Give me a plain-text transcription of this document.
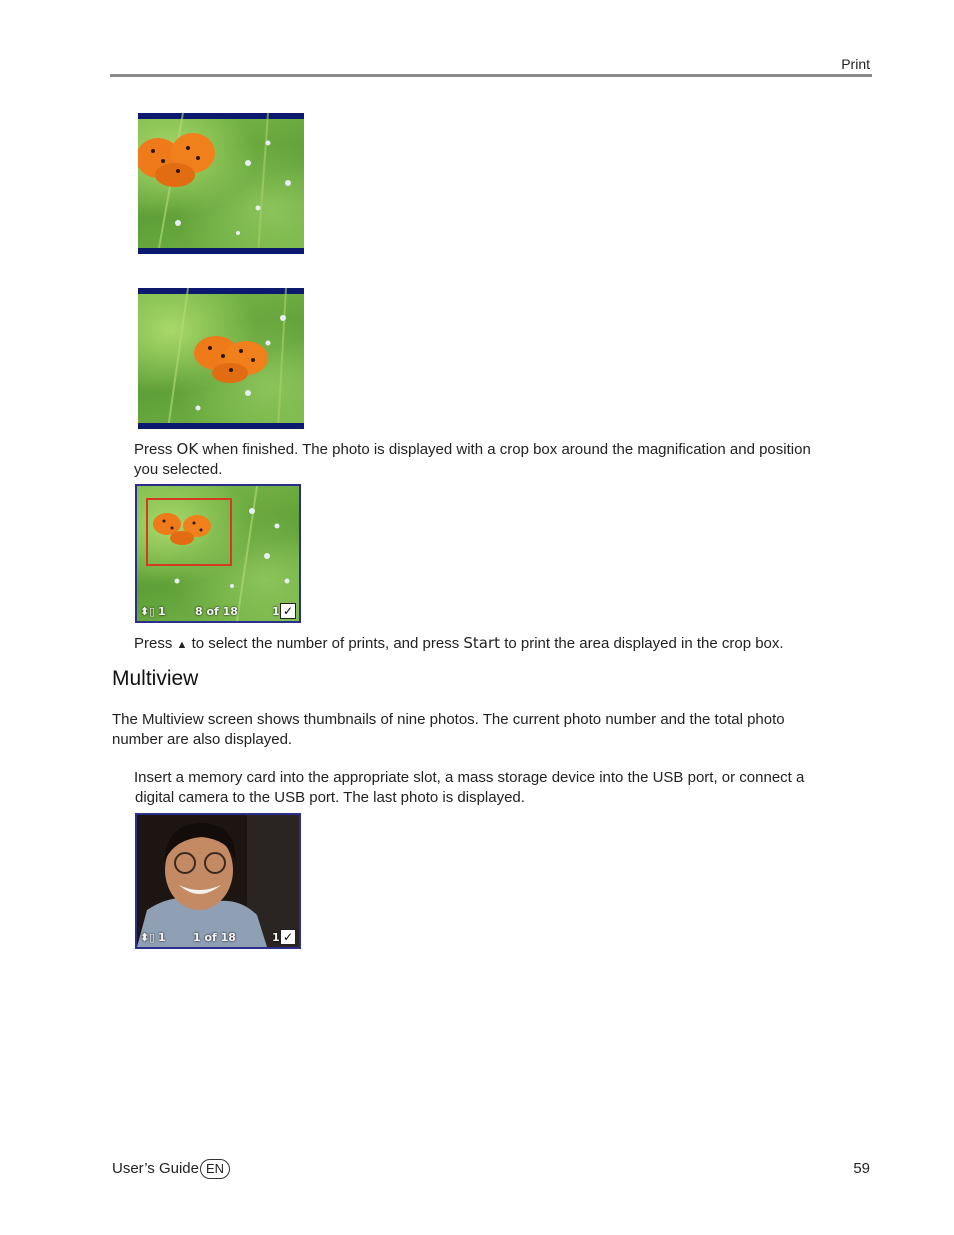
Print
Press OK when finished. The photo is displayed with a crop box around the magnification and position
you selected.
⬍ ▯ 1	8 of 18	1 ✓
Press ▲ to select the number of prints, and press Start to print the area displayed in the crop box.
Multiview
The Multiview screen shows thumbnails of nine photos. The current photo number and the total photo
number are also displayed.
Insert a memory card into the appropriate slot, a mass storage device into the USB port, or connect a
digital camera to the USB port. The last photo is displayed.
⬍ ▯ 1 1 of 18	1 ✓
User’s Guide EN	59
